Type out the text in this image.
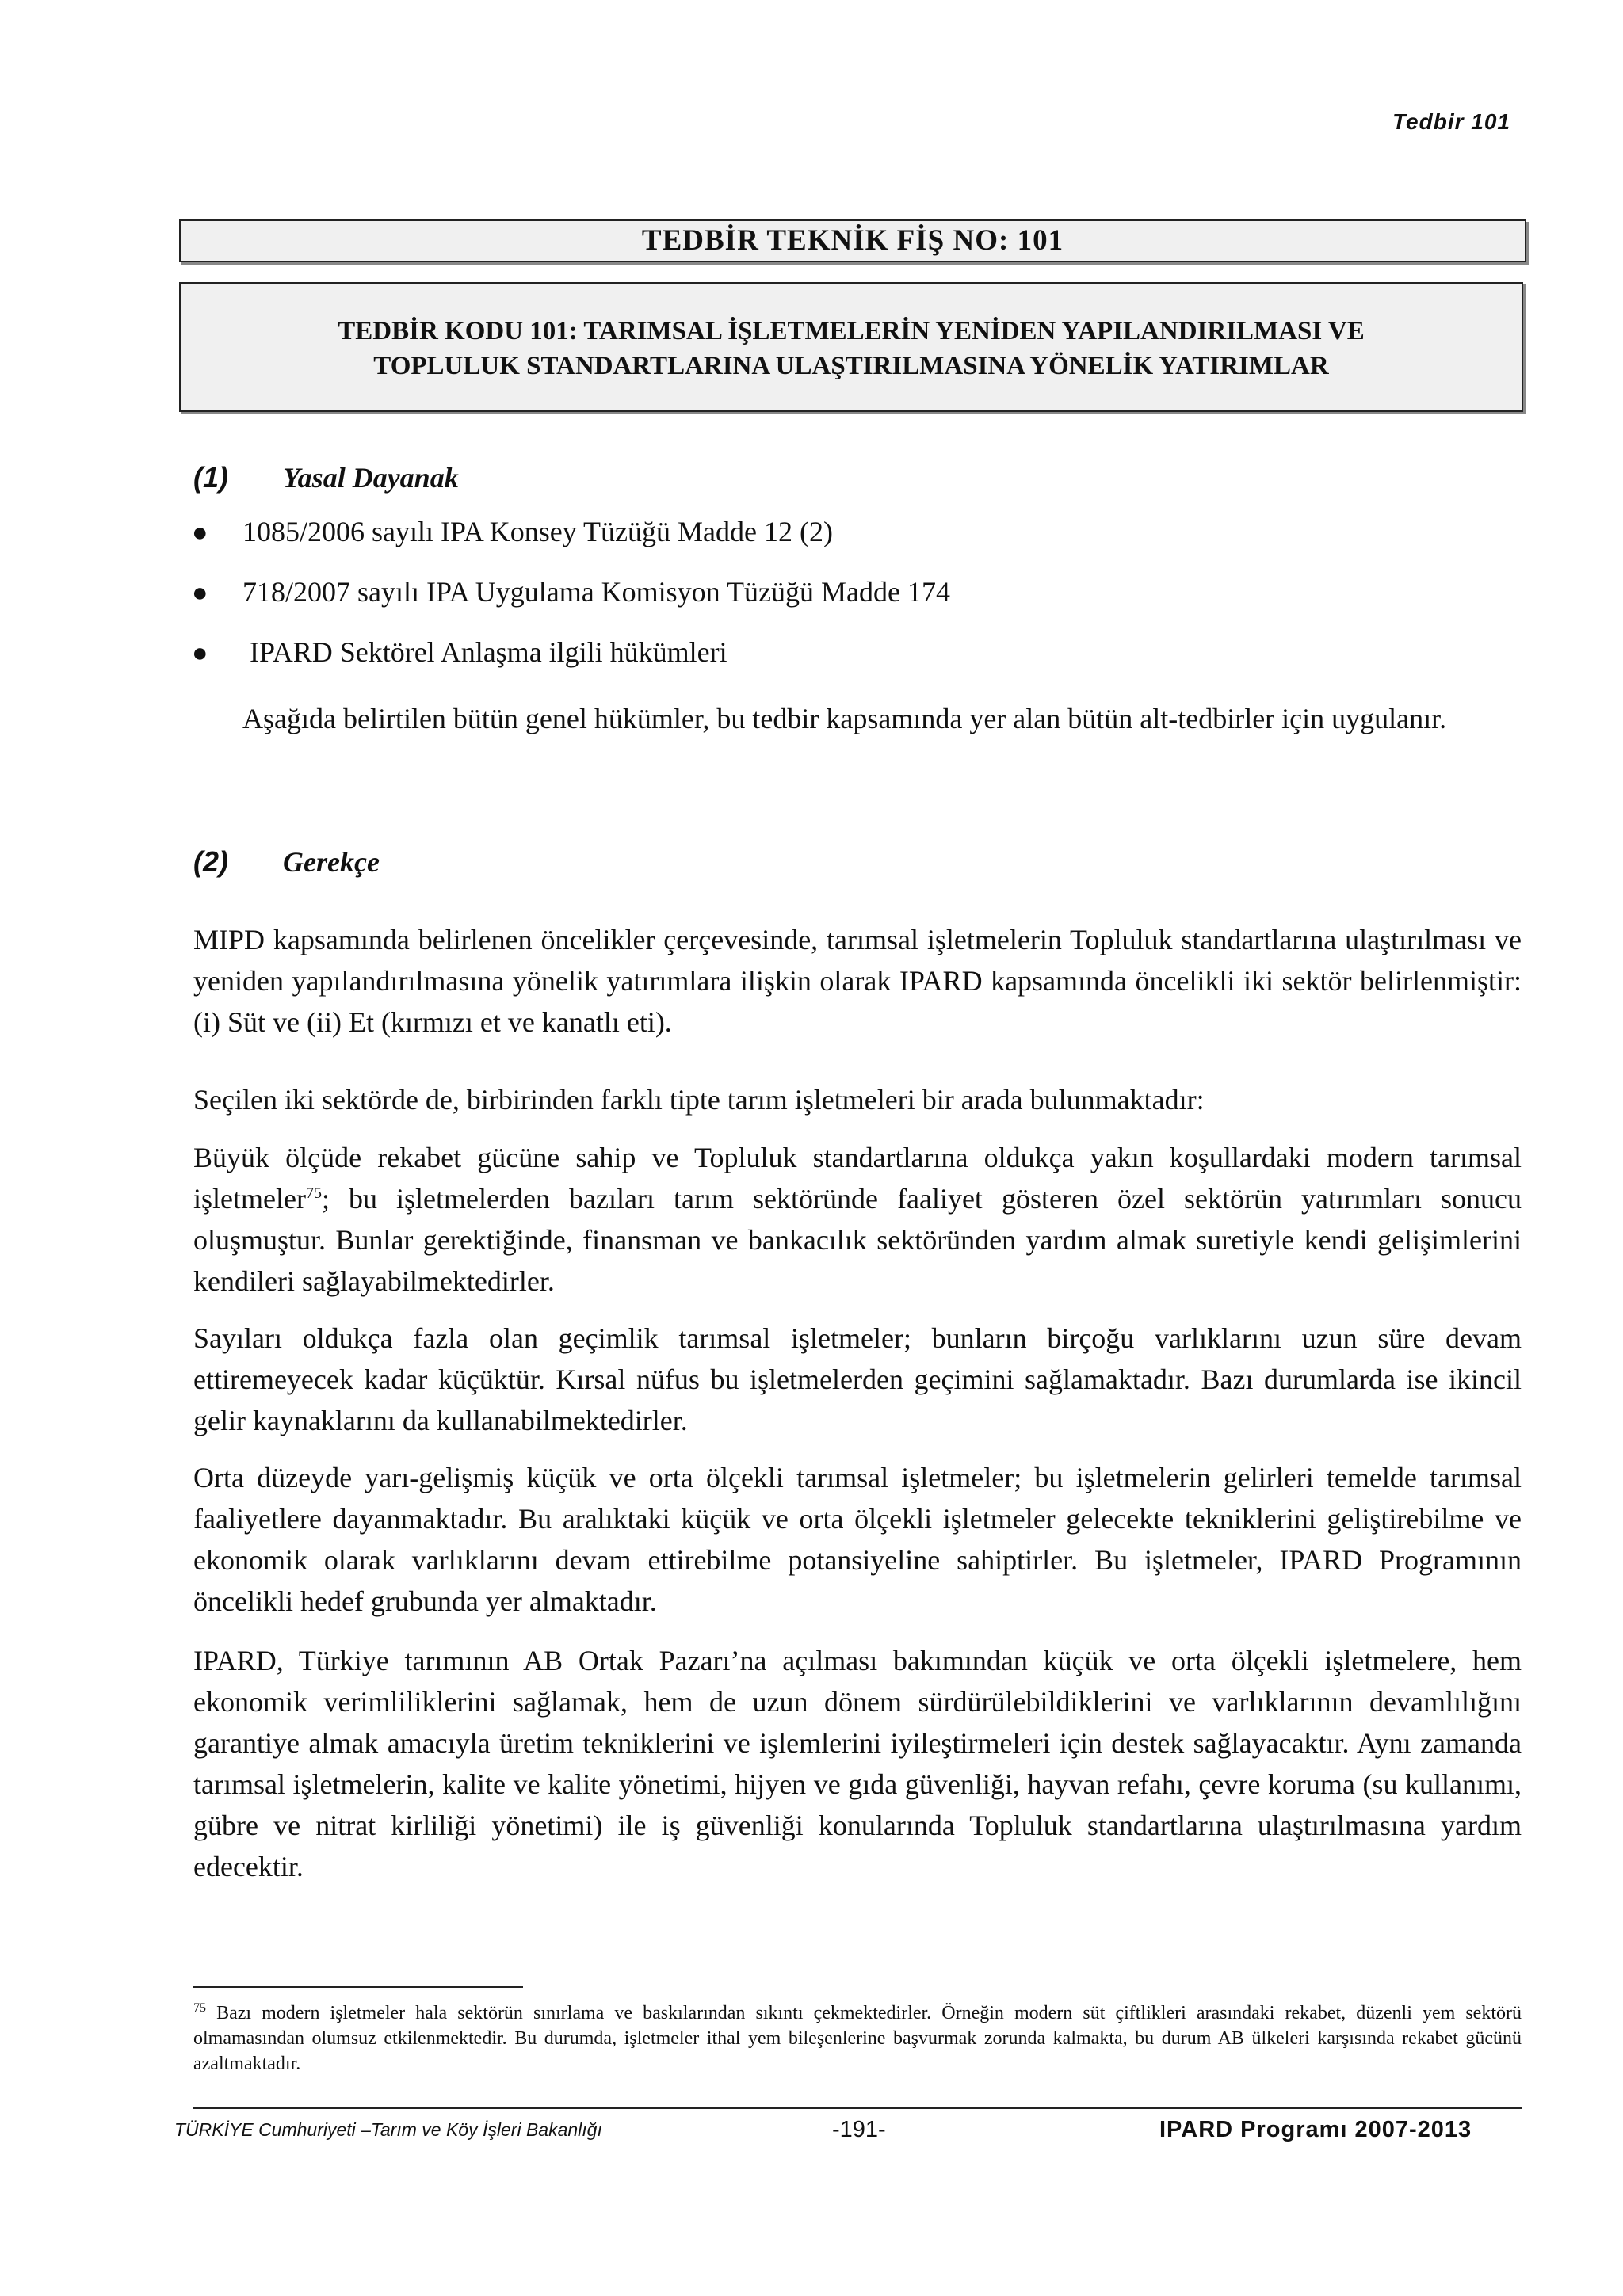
Tedbir 101
TEDBİR TEKNİK FİŞ NO: 101
TEDBİR KODU 101: TARIMSAL İŞLETMELERİN YENİDEN YAPILANDIRILMASI VE
TOPLULUK STANDARTLARINA ULAŞTIRILMASINA YÖNELİK YATIRIMLAR
(1)	Yasal Dayanak
●	1085/2006 sayılı IPA Konsey Tüzüğü Madde 12 (2)
●	718/2007 sayılı IPA Uygulama Komisyon Tüzüğü Madde 174
●	IPARD Sektörel Anlaşma ilgili hükümleri
Aşağıda belirtilen bütün genel hükümler, bu tedbir kapsamında yer alan bütün alt-tedbirler için uygulanır.
(2)	Gerekçe
MIPD kapsamında belirlenen öncelikler çerçevesinde, tarımsal işletmelerin Topluluk standartlarına ulaştırılması ve yeniden yapılandırılmasına yönelik yatırımlara ilişkin olarak IPARD kapsamında öncelikli iki sektör belirlenmiştir: (i) Süt ve (ii) Et (kırmızı et ve kanatlı eti).
Seçilen iki sektörde de, birbirinden farklı tipte tarım işletmeleri bir arada bulunmaktadır:
Büyük ölçüde rekabet gücüne sahip ve Topluluk standartlarına oldukça yakın koşullardaki modern tarımsal işletmeler$^{75}$; bu işletmelerden bazıları tarım sektöründe faaliyet gösteren özel sektörün yatırımları sonucu oluşmuştur. Bunlar gerektiğinde, finansman ve bankacılık sektöründen yardım almak suretiyle kendi gelişimlerini kendileri sağlayabilmektedirler.
Sayıları oldukça fazla olan geçimlik tarımsal işletmeler; bunların birçoğu varlıklarını uzun süre devam ettiremeyecek kadar küçüktür. Kırsal nüfus bu işletmelerden geçimini sağlamaktadır. Bazı durumlarda ise ikincil gelir kaynaklarını da kullanabilmektedirler.
Orta düzeyde yarı-gelişmiş küçük ve orta ölçekli tarımsal işletmeler; bu işletmelerin gelirleri temelde tarımsal faaliyetlere dayanmaktadır. Bu aralıktaki küçük ve orta ölçekli işletmeler gelecekte tekniklerini geliştirebilme ve ekonomik olarak varlıklarını devam ettirebilme potansiyeline sahiptirler. Bu işletmeler, IPARD Programının öncelikli hedef grubunda yer almaktadır.
IPARD, Türkiye tarımının AB Ortak Pazarı’na açılması bakımından küçük ve orta ölçekli işletmelere, hem ekonomik verimliliklerini sağlamak, hem de uzun dönem sürdürülebildiklerini ve varlıklarının devamlılığını garantiye almak amacıyla üretim tekniklerini ve işlemlerini iyileştirmeleri için destek sağlayacaktır. Aynı zamanda tarımsal işletmelerin, kalite ve kalite yönetimi, hijyen ve gıda güvenliği, hayvan refahı, çevre koruma (su kullanımı, gübre ve nitrat kirliliği yönetimi) ile iş güvenliği konularında Topluluk standartlarına ulaştırılmasına yardım edecektir.
$^{75}$ Bazı modern işletmeler hala sektörün sınırlama ve baskılarından sıkıntı çekmektedirler. Örneğin modern süt çiftlikleri arasındaki rekabet, düzenli yem sektörü olmamasından olumsuz etkilenmektedir. Bu durumda, işletmeler ithal yem bileşenlerine başvurmak zorunda kalmakta, bu durum AB ülkeleri karşısında rekabet gücünü azaltmaktadır.
TÜRKİYE Cumhuriyeti –Tarım ve Köy İşleri Bakanlığı	-191-	IPARD Programı 2007-2013
